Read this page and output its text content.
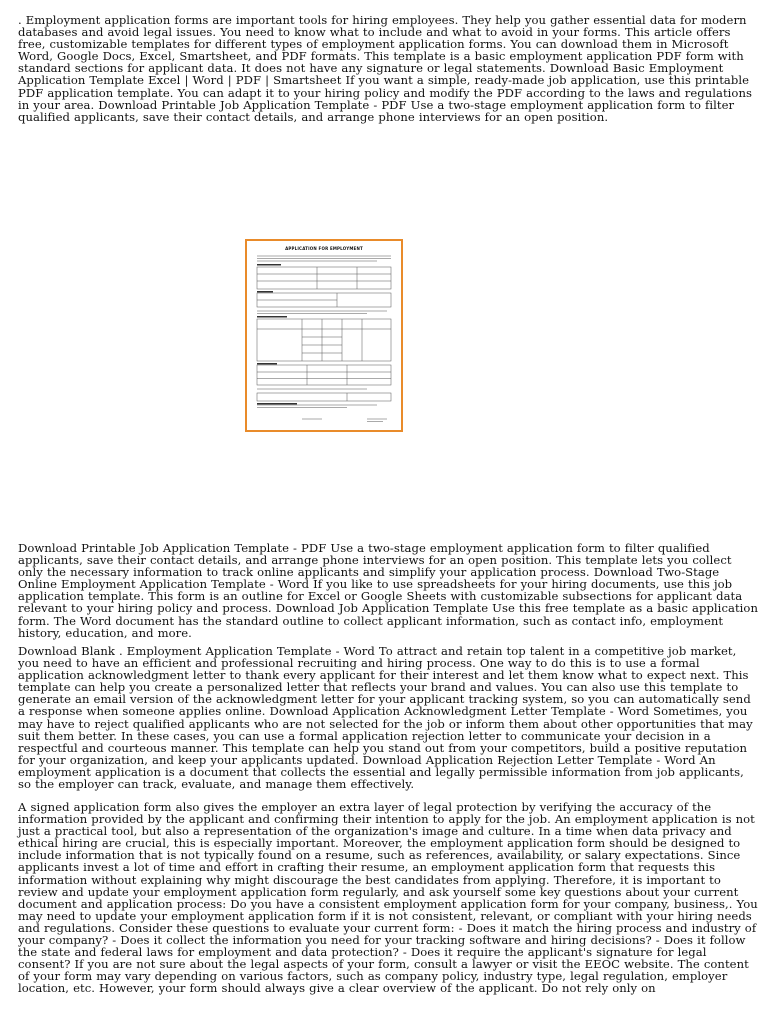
. Employment application forms are important tools for hiring employees. They help you gather essential data for modern databases and avoid legal issues. You need to know what to include and what to avoid in your forms. This article offers free, customizable templates for different types of employment application forms. You can download them in Microsoft Word, Google Docs, Excel, Smartsheet, and PDF formats. This template is a basic employment application PDF form with standard sections for applicant data. It does not have any signature or legal statements. Download Basic Employment Application Template Excel | Word | PDF | Smartsheet If you want a simple, ready-made job application, use this printable PDF application template. You can adapt it to your hiring policy and modify the PDF according to the laws and regulations in your area. Download Printable Job Application Template - PDF Use a two-stage employment application form to filter qualified applicants, save their contact details, and arrange phone interviews for an open position.

APPLICATION FOR EMPLOYMENT

Download Printable Job Application Template - PDF Use a two-stage employment application form to filter qualified applicants, save their contact details, and arrange phone interviews for an open position. This template lets you collect only the necessary information to track online applicants and simplify your application process. Download Two-Stage Online Employment Application Template - Word If you like to use spreadsheets for your hiring documents, use this job application template. This form is an outline for Excel or Google Sheets with customizable subsections for applicant data relevant to your hiring policy and process. Download Job Application Template Use this free template as a basic application form. The Word document has the standard outline to collect applicant information, such as contact info, employment history, education, and more.

Download Blank . Employment Application Template - Word To attract and retain top talent in a competitive job market, you need to have an efficient and professional recruiting and hiring process. One way to do this is to use a formal application acknowledgment letter to thank every applicant for their interest and let them know what to expect next. This template can help you create a personalized letter that reflects your brand and values. You can also use this template to generate an email version of the acknowledgment letter for your applicant tracking system, so you can automatically send a response when someone applies online. Download Application Acknowledgment Letter Template - Word Sometimes, you may have to reject qualified applicants who are not selected for the job or inform them about other opportunities that may suit them better. In these cases, you can use a formal application rejection letter to communicate your decision in a respectful and courteous manner. This template can help you stand out from your competitors, build a positive reputation for your organization, and keep your applicants updated. Download Application Rejection Letter Template - Word An employment application is a document that collects the essential and legally permissible information from job applicants, so the employer can track, evaluate, and manage them effectively.

A signed application form also gives the employer an extra layer of legal protection by verifying the accuracy of the information provided by the applicant and confirming their intention to apply for the job. An employment application is not just a practical tool, but also a representation of the organization's image and culture. In a time when data privacy and ethical hiring are crucial, this is especially important. Moreover, the employment application form should be designed to include information that is not typically found on a resume, such as references, availability, or salary expectations. Since applicants invest a lot of time and effort in crafting their resume, an employment application form that requests this information without explaining why might discourage the best candidates from applying. Therefore, it is important to review and update your employment application form regularly, and ask yourself some key questions about your current document and application process: Do you have a consistent employment application form for your company, business,. You may need to update your employment application form if it is not consistent, relevant, or compliant with your hiring needs and regulations. Consider these questions to evaluate your current form: - Does it match the hiring process and industry of your company? - Does it collect the information you need for your tracking software and hiring decisions? - Does it follow the state and federal laws for employment and data protection? - Does it require the applicant's signature for legal consent? If you are not sure about the legal aspects of your form, consult a lawyer or visit the EEOC website. The content of your form may vary depending on various factors, such as company policy, industry type, legal regulation, employer location, etc. However, your form should always give a clear overview of the applicant. Do not rely only on
